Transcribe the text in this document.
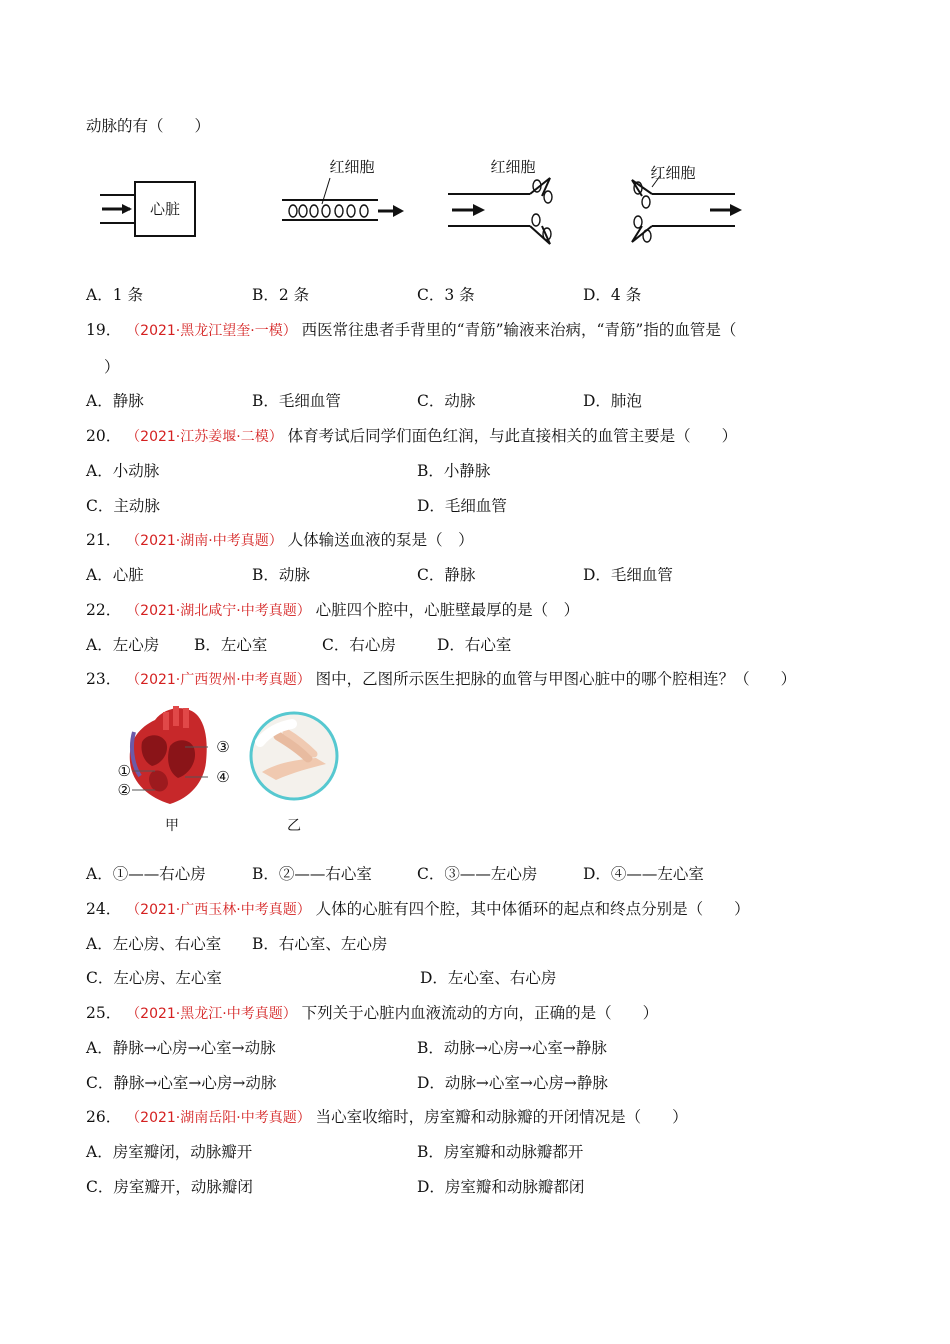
动脉的有（　　）
心脏
红细胞	红细胞	红细胞
A．1 条	B．2 条	C．3 条	D．4 条
19． （2021·黑龙江望奎·一模） 西医常往患者手背里的“青筋”输液来治病，“青筋”指的血管是（
）
A．静脉	B．毛细血管	C．动脉	D．肺泡
20． （2021·江苏姜堰·二模） 体育考试后同学们面色红润，与此直接相关的血管主要是（　　）
A．小动脉	B．小静脉
C．主动脉	D．毛细血管
21． （2021·湖南·中考真题） 人体输送血液的泵是（　）
A．心脏	B．动脉	C．静脉	D．毛细血管
22． （2021·湖北咸宁·中考真题） 心脏四个腔中，心脏壁最厚的是（　）
A．左心房 B．左心室	C．右心房	D．右心室
23． （2021·广西贺州·中考真题） 图中，乙图所示医生把脉的血管与甲图心脏中的哪个腔相连？（　　）
③
④
①
②
甲	乙
A．①——右心房	B．②——右心室	C．③——左心房	D．④——左心室
24． （2021·广西玉林·中考真题） 人体的心脏有四个腔，其中体循环的起点和终点分别是（　　）
A．左心房、右心室 B．右心室、左心房
C．左心房、左心室	D．左心室、右心房
25． （2021·黑龙江·中考真题） 下列关于心脏内血液流动的方向，正确的是（　　）
A．静脉→心房→心室→动脉	B．动脉→心房→心室→静脉
C．静脉→心室→心房→动脉	D．动脉→心室→心房→静脉
26． （2021·湖南岳阳·中考真题） 当心室收缩时，房室瓣和动脉瓣的开闭情况是（　　）
A．房室瓣闭，动脉瓣开	B．房室瓣和动脉瓣都开
C．房室瓣开，动脉瓣闭	D．房室瓣和动脉瓣都闭
